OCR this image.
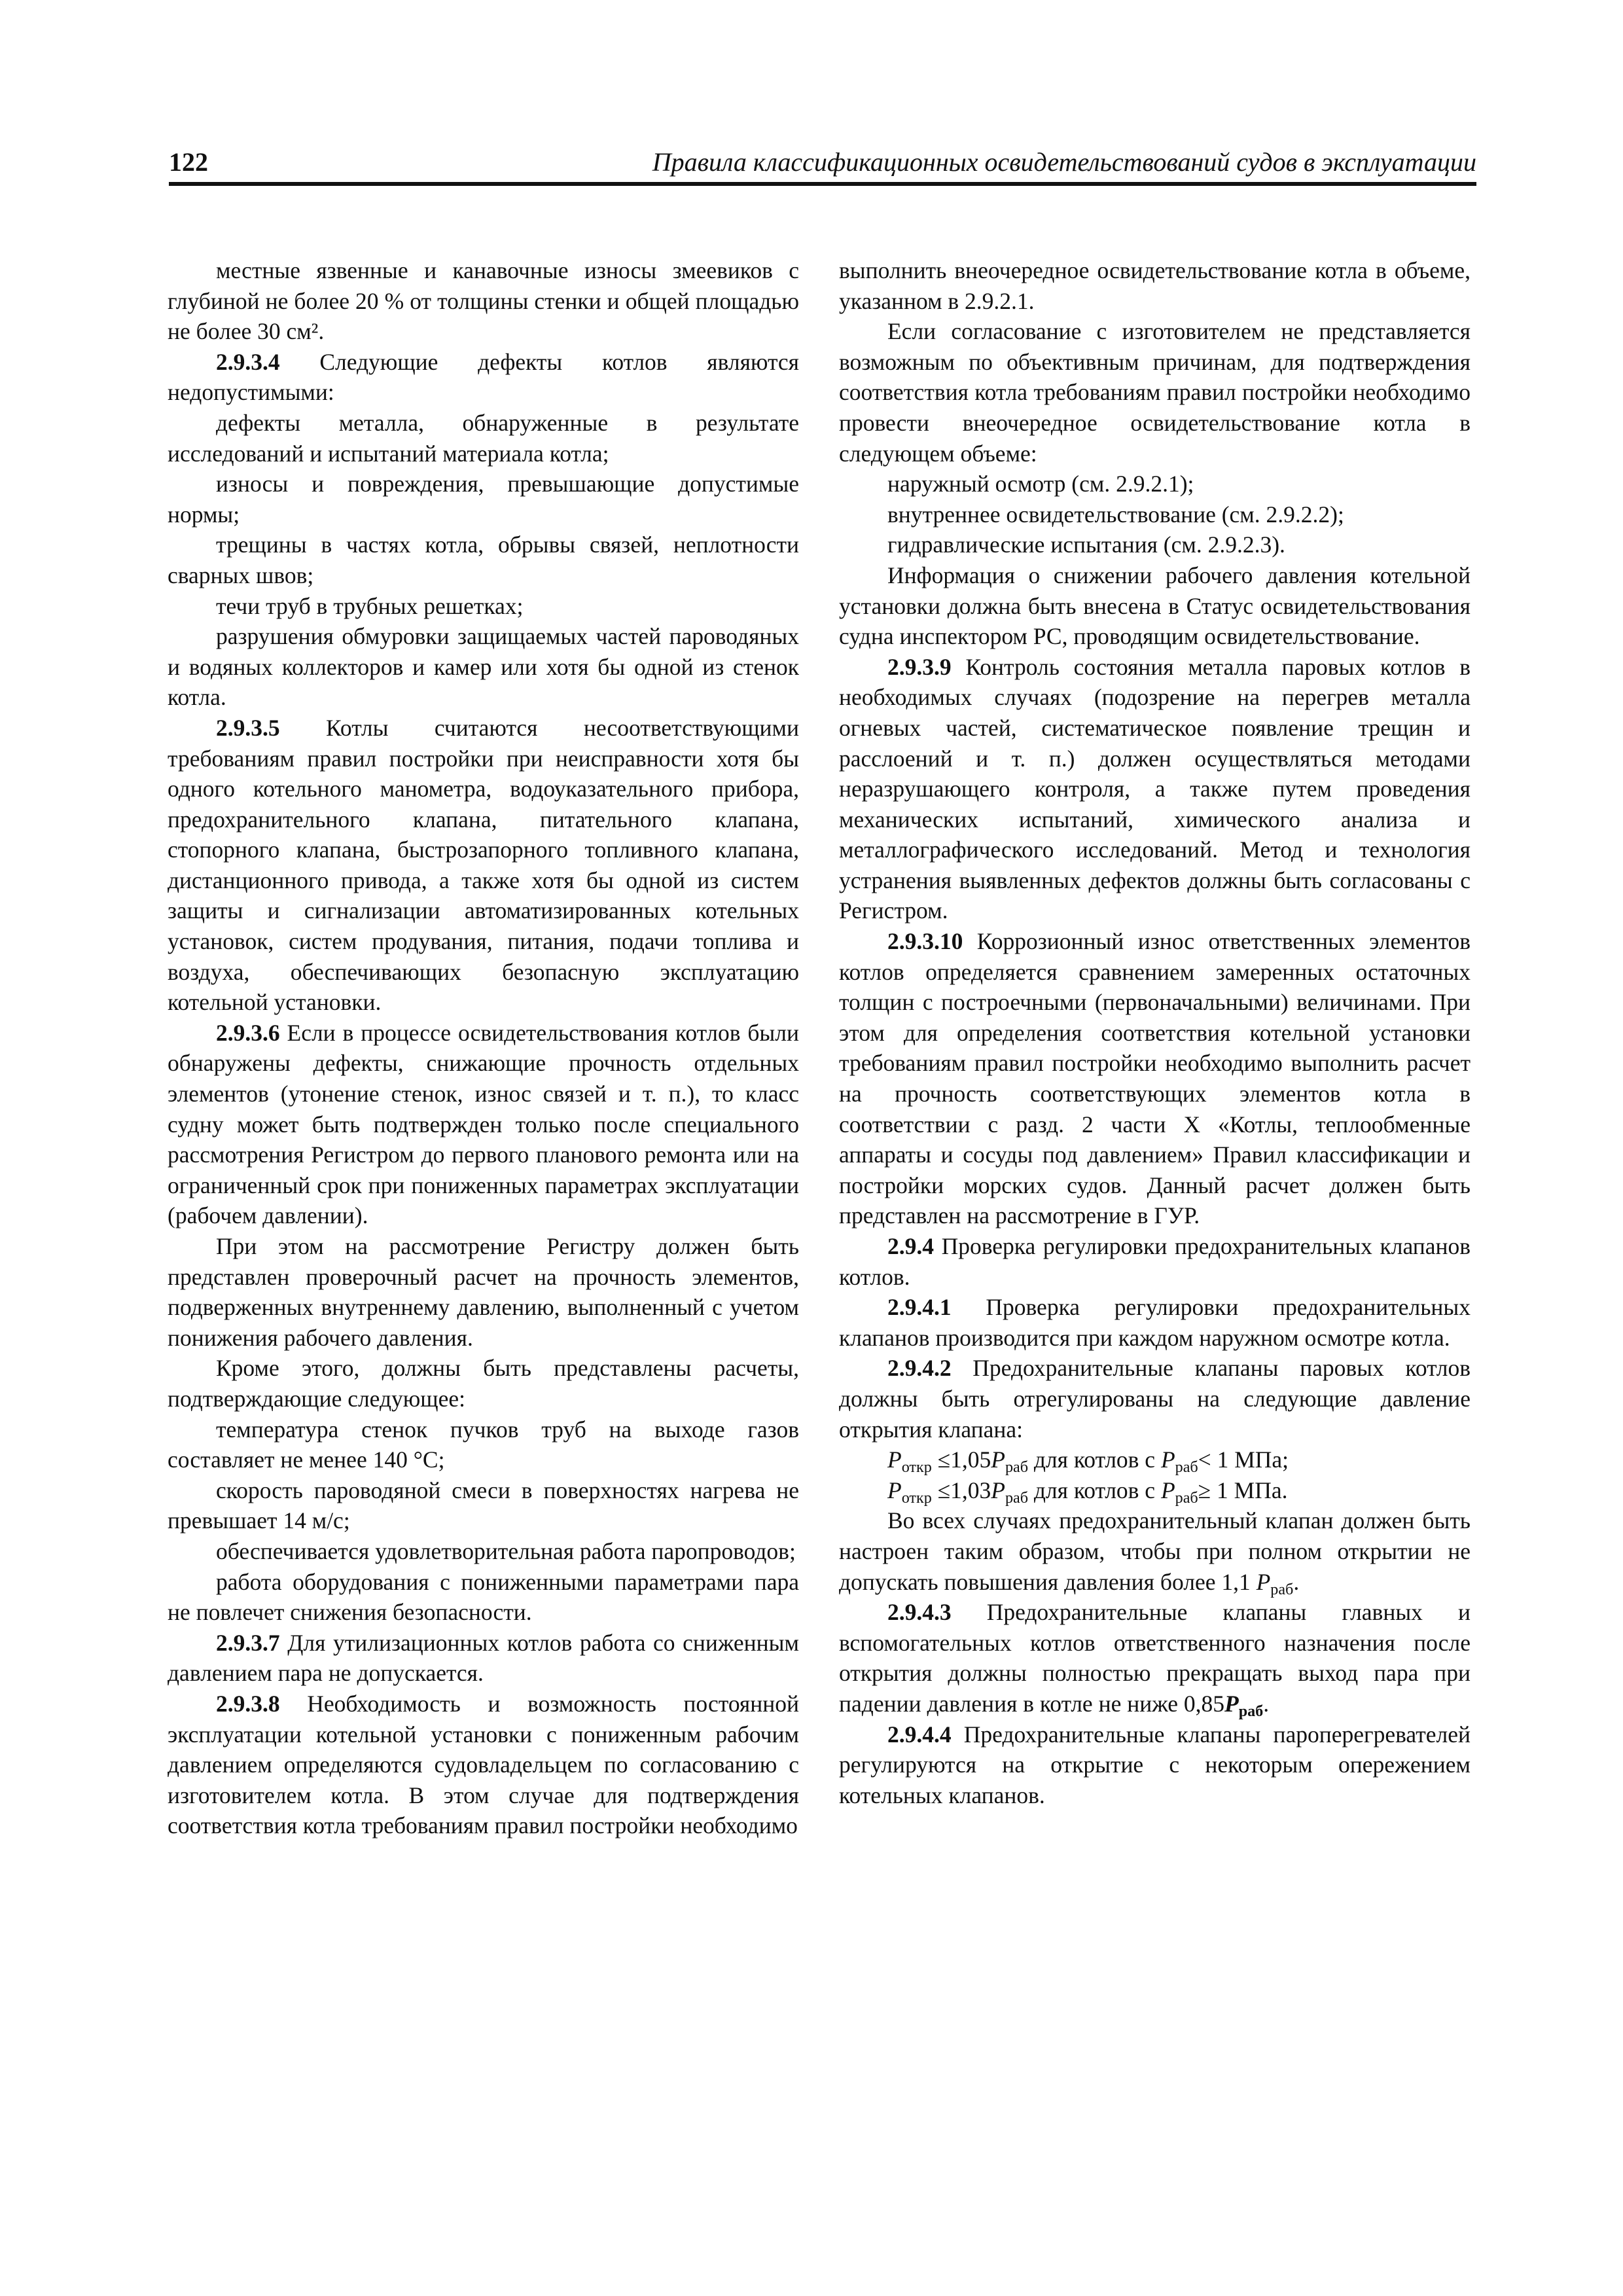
122	Правила классификационных освидетельствований судов в эксплуатации

местные язвенные и канавочные износы змеевиков с глубиной не более 20 % от толщины стенки и общей площадью не более 30 см².

2.9.3.4 Следующие дефекты котлов являются недопустимыми:

дефекты металла, обнаруженные в результате исследований и испытаний материала котла;

износы и повреждения, превышающие допустимые нормы;

трещины в частях котла, обрывы связей, неплотности сварных швов;

течи труб в трубных решетках;

разрушения обмуровки защищаемых частей пароводяных и водяных коллекторов и камер или хотя бы одной из стенок котла.

2.9.3.5 Котлы считаются несоответствующими требованиям правил постройки при неисправности хотя бы одного котельного манометра, водоуказательного прибора, предохранительного клапана, питательного клапана, стопорного клапана, быстрозапорного топливного клапана, дистанционного привода, а также хотя бы одной из систем защиты и сигнализации автоматизированных котельных установок, систем продувания, питания, подачи топлива и воздуха, обеспечивающих безопасную эксплуатацию котельной установки.

2.9.3.6 Если в процессе освидетельствования котлов были обнаружены дефекты, снижающие прочность отдельных элементов (утонение стенок, износ связей и т. п.), то класс судну может быть подтвержден только после специального рассмотрения Регистром до первого планового ремонта или на ограниченный срок при пониженных параметрах эксплуатации (рабочем давлении).

При этом на рассмотрение Регистру должен быть представлен проверочный расчет на прочность элементов, подверженных внутреннему давлению, выполненный с учетом понижения рабочего давления.

Кроме этого, должны быть представлены расчеты, подтверждающие следующее:

температура стенок пучков труб на выходе газов составляет не менее 140 °С;

скорость пароводяной смеси в поверхностях нагрева не превышает 14 м/с;

обеспечивается удовлетворительная работа паропроводов;

работа оборудования с пониженными параметрами пара не повлечет снижения безопасности.

2.9.3.7 Для утилизационных котлов работа со сниженным давлением пара не допускается.

2.9.3.8 Необходимость и возможность постоянной эксплуатации котельной установки с пониженным рабочим давлением определяются судовладельцем по согласованию с изготовителем котла. В этом случае для подтверждения соответствия котла требованиям правил постройки необходимо

выполнить внеочередное освидетельствование котла в объеме, указанном в 2.9.2.1.

Если согласование с изготовителем не представляется возможным по объективным причинам, для подтверждения соответствия котла требованиям правил постройки необходимо провести внеочередное освидетельствование котла в следующем объеме:

наружный осмотр (см. 2.9.2.1);

внутреннее освидетельствование (см. 2.9.2.2);

гидравлические испытания (см. 2.9.2.3).

Информация о снижении рабочего давления котельной установки должна быть внесена в Статус освидетельствования судна инспектором РС, проводящим освидетельствование.

2.9.3.9 Контроль состояния металла паровых котлов в необходимых случаях (подозрение на перегрев металла огневых частей, систематическое появление трещин и расслоений и т. п.) должен осуществляться методами неразрушающего контроля, а также путем проведения механических испытаний, химического анализа и металлографического исследований. Метод и технология устранения выявленных дефектов должны быть согласованы с Регистром.

2.9.3.10 Коррозионный износ ответственных элементов котлов определяется сравнением замеренных остаточных толщин с построечными (первоначальными) величинами. При этом для определения соответствия котельной установки требованиям правил постройки необходимо выполнить расчет на прочность соответствующих элементов котла в соответствии с разд. 2 части X «Котлы, теплообменные аппараты и сосуды под давлением» Правил классификации и постройки морских судов. Данный расчет должен быть представлен на рассмотрение в ГУР.

2.9.4 Проверка регулировки предохранительных клапанов котлов.

2.9.4.1 Проверка регулировки предохранительных клапанов производится при каждом наружном осмотре котла.

2.9.4.2 Предохранительные клапаны паровых котлов должны быть отрегулированы на следующие давление открытия клапана:

$P_{откр} \le 1,05P_{раб}$ для котлов с $P_{раб}< 1$ МПа;

$P_{откр} \le 1,03P_{раб}$ для котлов с $P_{раб}\ge 1$ МПа.

Во всех случаях предохранительный клапан должен быть настроен таким образом, чтобы при полном открытии не допускать повышения давления более 1,1 $P_{раб}$.

2.9.4.3 Предохранительные клапаны главных и вспомогательных котлов ответственного назначения после открытия должны полностью прекращать выход пара при падении давления в котле не ниже $0,85P_{раб}$.

2.9.4.4 Предохранительные клапаны пароперегревателей регулируются на открытие с некоторым опережением котельных клапанов.
